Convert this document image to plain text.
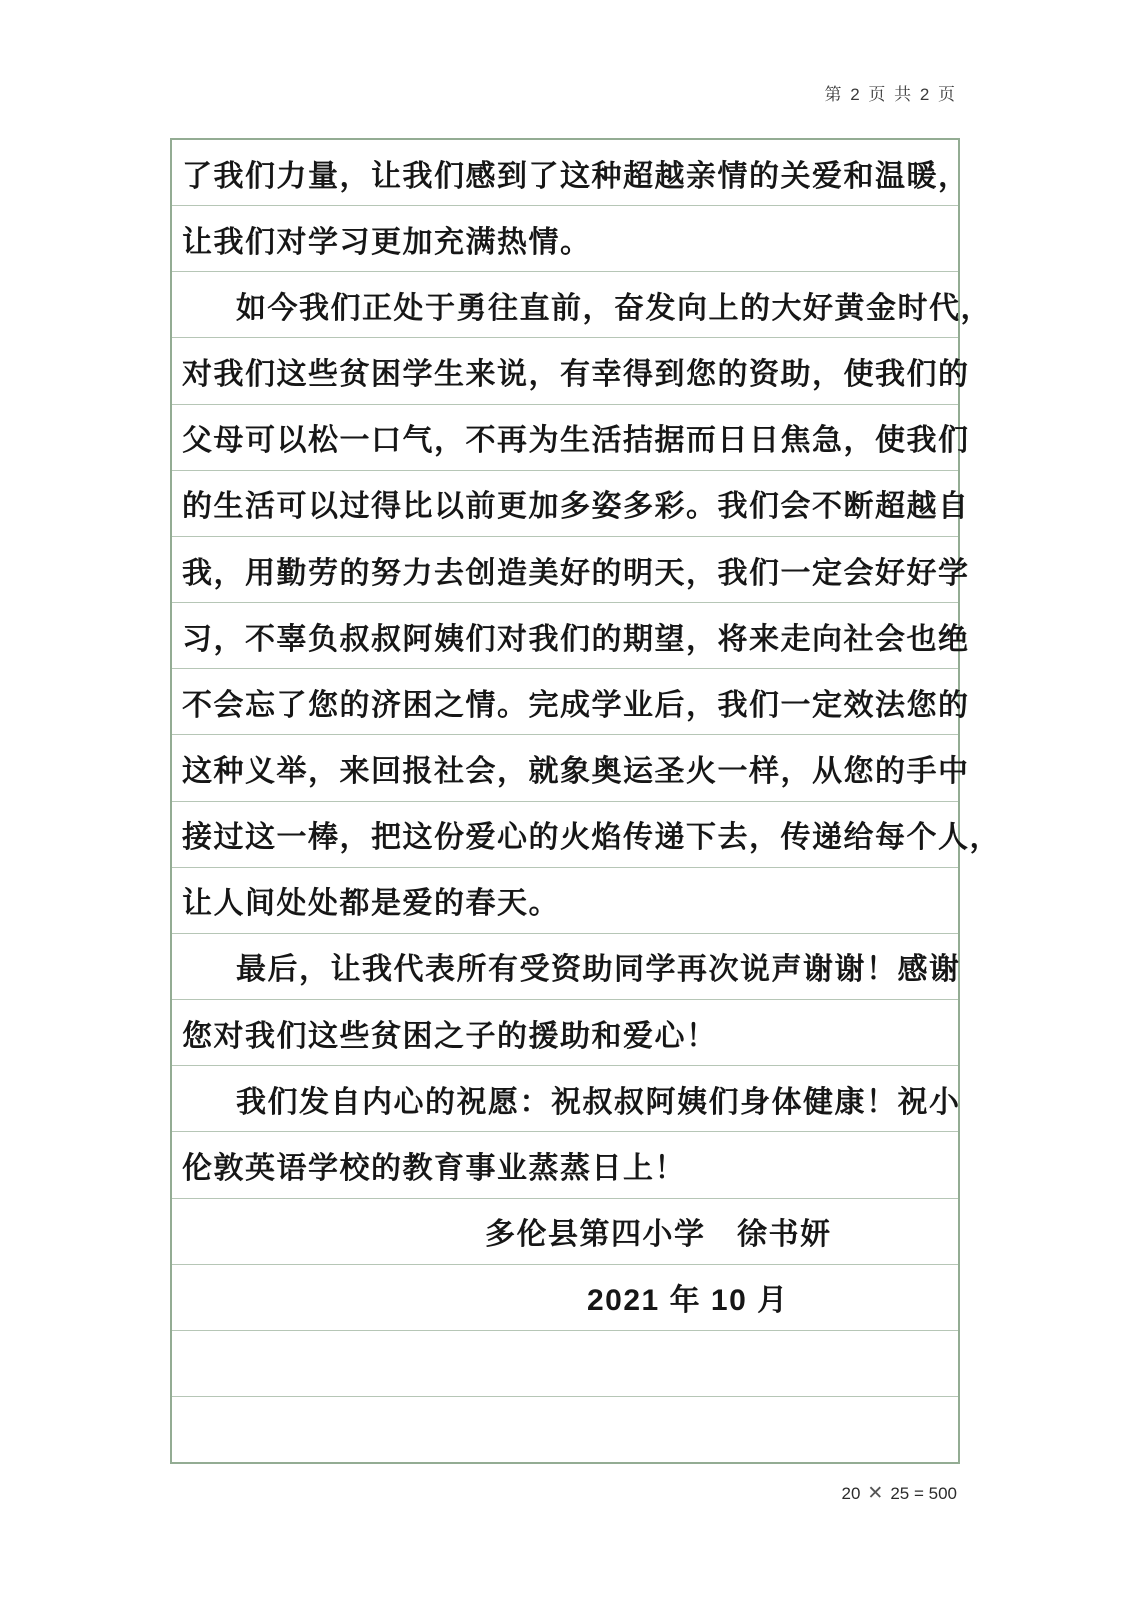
第 2 页 共 2 页
了我们力量，让我们感到了这种超越亲情的关爱和温暖，
让我们对学习更加充满热情。
如今我们正处于勇往直前，奋发向上的大好黄金时代，
对我们这些贫困学生来说，有幸得到您的资助，使我们的
父母可以松一口气，不再为生活拮据而日日焦急，使我们
的生活可以过得比以前更加多姿多彩。我们会不断超越自
我，用勤劳的努力去创造美好的明天，我们一定会好好学
习，不辜负叔叔阿姨们对我们的期望，将来走向社会也绝
不会忘了您的济困之情。完成学业后，我们一定效法您的
这种义举，来回报社会，就象奥运圣火一样，从您的手中
接过这一棒，把这份爱心的火焰传递下去，传递给每个人，
让人间处处都是爱的春天。
最后，让我代表所有受资助同学再次说声谢谢！感谢
您对我们这些贫困之子的援助和爱心！
我们发自内心的祝愿：祝叔叔阿姨们身体健康！祝小
伦敦英语学校的教育事业蒸蒸日上！
多伦县第四小学　徐书妍
2021 年 10 月
20 ✕ 25 = 500
